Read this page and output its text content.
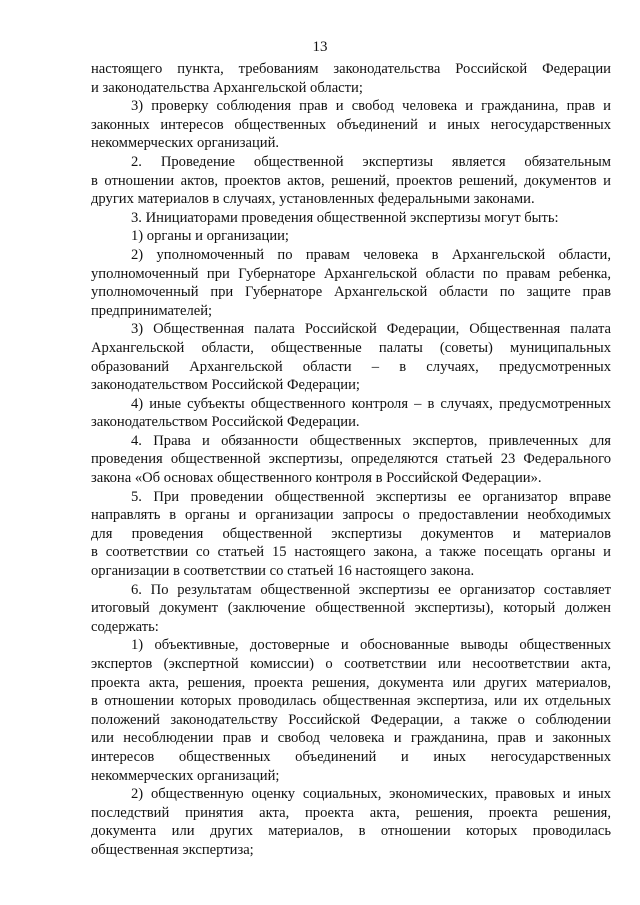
13
настоящего пункта, требованиям законодательства Российской Федерации
и законодательства Архангельской области;
3) проверку соблюдения прав и свобод человека и гражданина, прав и
законных интересов общественных объединений и иных негосударственных
некоммерческих организаций.
2. Проведение общественной экспертизы является обязательным
в отношении актов, проектов актов, решений, проектов решений, документов и
других материалов в случаях, установленных федеральными законами.
3. Инициаторами проведения общественной экспертизы могут быть:
1) органы и организации;
2) уполномоченный по правам человека в Архангельской области,
уполномоченный при Губернаторе Архангельской области по правам ребенка,
уполномоченный при Губернаторе Архангельской области по защите прав
предпринимателей;
3) Общественная палата Российской Федерации, Общественная палата
Архангельской области, общественные палаты (советы) муниципальных
образований Архангельской области – в случаях, предусмотренных
законодательством Российской Федерации;
4) иные субъекты общественного контроля – в случаях, предусмотренных
законодательством Российской Федерации.
4. Права и обязанности общественных экспертов, привлеченных для
проведения общественной экспертизы, определяются статьей 23 Федерального
закона «Об основах общественного контроля в Российской Федерации».
5. При проведении общественной экспертизы ее организатор вправе
направлять в органы и организации запросы о предоставлении необходимых
для проведения общественной экспертизы документов и материалов
в соответствии со статьей 15 настоящего закона, а также посещать органы и
организации в соответствии со статьей 16 настоящего закона.
6. По результатам общественной экспертизы ее организатор составляет
итоговый документ (заключение общественной экспертизы), который должен
содержать:
1) объективные, достоверные и обоснованные выводы общественных
экспертов (экспертной комиссии) о соответствии или несоответствии акта,
проекта акта, решения, проекта решения, документа или других материалов,
в отношении которых проводилась общественная экспертиза, или их отдельных
положений законодательству Российской Федерации, а также о соблюдении
или несоблюдении прав и свобод человека и гражданина, прав и законных
интересов общественных объединений и иных негосударственных
некоммерческих организаций;
2) общественную оценку социальных, экономических, правовых и иных
последствий принятия акта, проекта акта, решения, проекта решения,
документа или других материалов, в отношении которых проводилась
общественная экспертиза;
